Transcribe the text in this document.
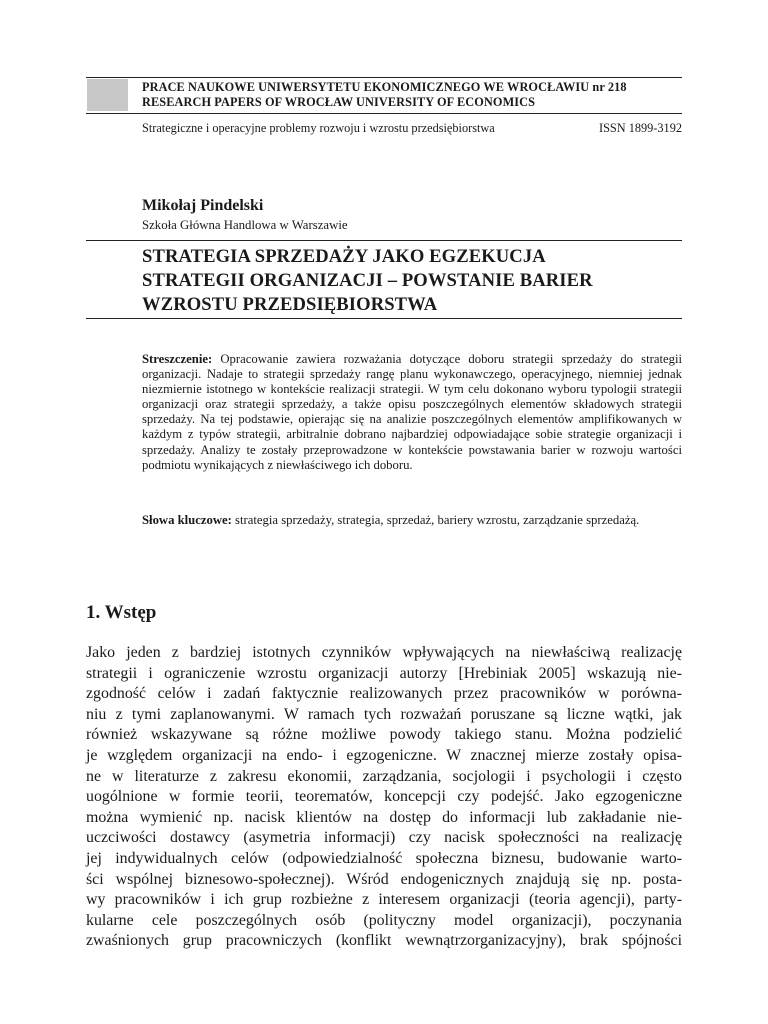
PRACE NAUKOWE UNIWERSYTETU EKONOMICZNEGO WE WROCŁAWIU nr 218
RESEARCH PAPERS OF WROCŁAW UNIVERSITY OF ECONOMICS
Strategiczne i operacyjne problemy rozwoju i wzrostu przedsiębiorstwa	ISSN 1899-3192
Mikołaj Pindelski
Szkoła Główna Handlowa w Warszawie
STRATEGIA SPRZEDAŻY JAKO EGZEKUCJA
STRATEGII ORGANIZACJI – POWSTANIE BARIER
WZROSTU PRZEDSIĘBIORSTWA
Streszczenie: Opracowanie zawiera rozważania dotyczące doboru strategii sprzedaży do strategii organizacji. Nadaje to strategii sprzedaży rangę planu wykonawczego, operacyjnego, niemniej jednak niezmiernie istotnego w kontekście realizacji strategii. W tym celu dokonano wyboru typologii strategii organizacji oraz strategii sprzedaży, a także opisu poszczególnych elementów składowych strategii sprzedaży. Na tej podstawie, opierając się na analizie poszczególnych elementów amplifikowanych w każdym z typów strategii, arbitralnie dobrano najbardziej odpowiadające sobie strategie organizacji i sprzedaży. Analizy te zostały przeprowadzone w kontekście powstawania barier w rozwoju wartości podmiotu wynikających z niewłaściwego ich doboru.
Słowa kluczowe: strategia sprzedaży, strategia, sprzedaż, bariery wzrostu, zarządzanie sprzedażą.
1. Wstęp
Jako jeden z bardziej istotnych czynników wpływających na niewłaściwą realizację
strategii i ograniczenie wzrostu organizacji autorzy [Hrebiniak 2005] wskazują nie-
zgodność celów i zadań faktycznie realizowanych przez pracowników w porówna-
niu z tymi zaplanowanymi. W ramach tych rozważań poruszane są liczne wątki, jak
również wskazywane są różne możliwe powody takiego stanu. Można podzielić
je względem organizacji na endo- i egzogeniczne. W znacznej mierze zostały opisa-
ne w literaturze z zakresu ekonomii, zarządzania, socjologii i psychologii i często
uogólnione w formie teorii, teorematów, koncepcji czy podejść. Jako egzogeniczne
można wymienić np. nacisk klientów na dostęp do informacji lub zakładanie nie-
uczciwości dostawcy (asymetria informacji) czy nacisk społeczności na realizację
jej indywidualnych celów (odpowiedzialność społeczna biznesu, budowanie warto-
ści wspólnej biznesowo-społecznej). Wśród endogenicznych znajdują się np. posta-
wy pracowników i ich grup rozbieżne z interesem organizacji (teoria agencji), party-
kularne cele poszczególnych osób (polityczny model organizacji), poczynania
zwaśnionych grup pracowniczych (konflikt wewnątrzorganizacyjny), brak spójności
